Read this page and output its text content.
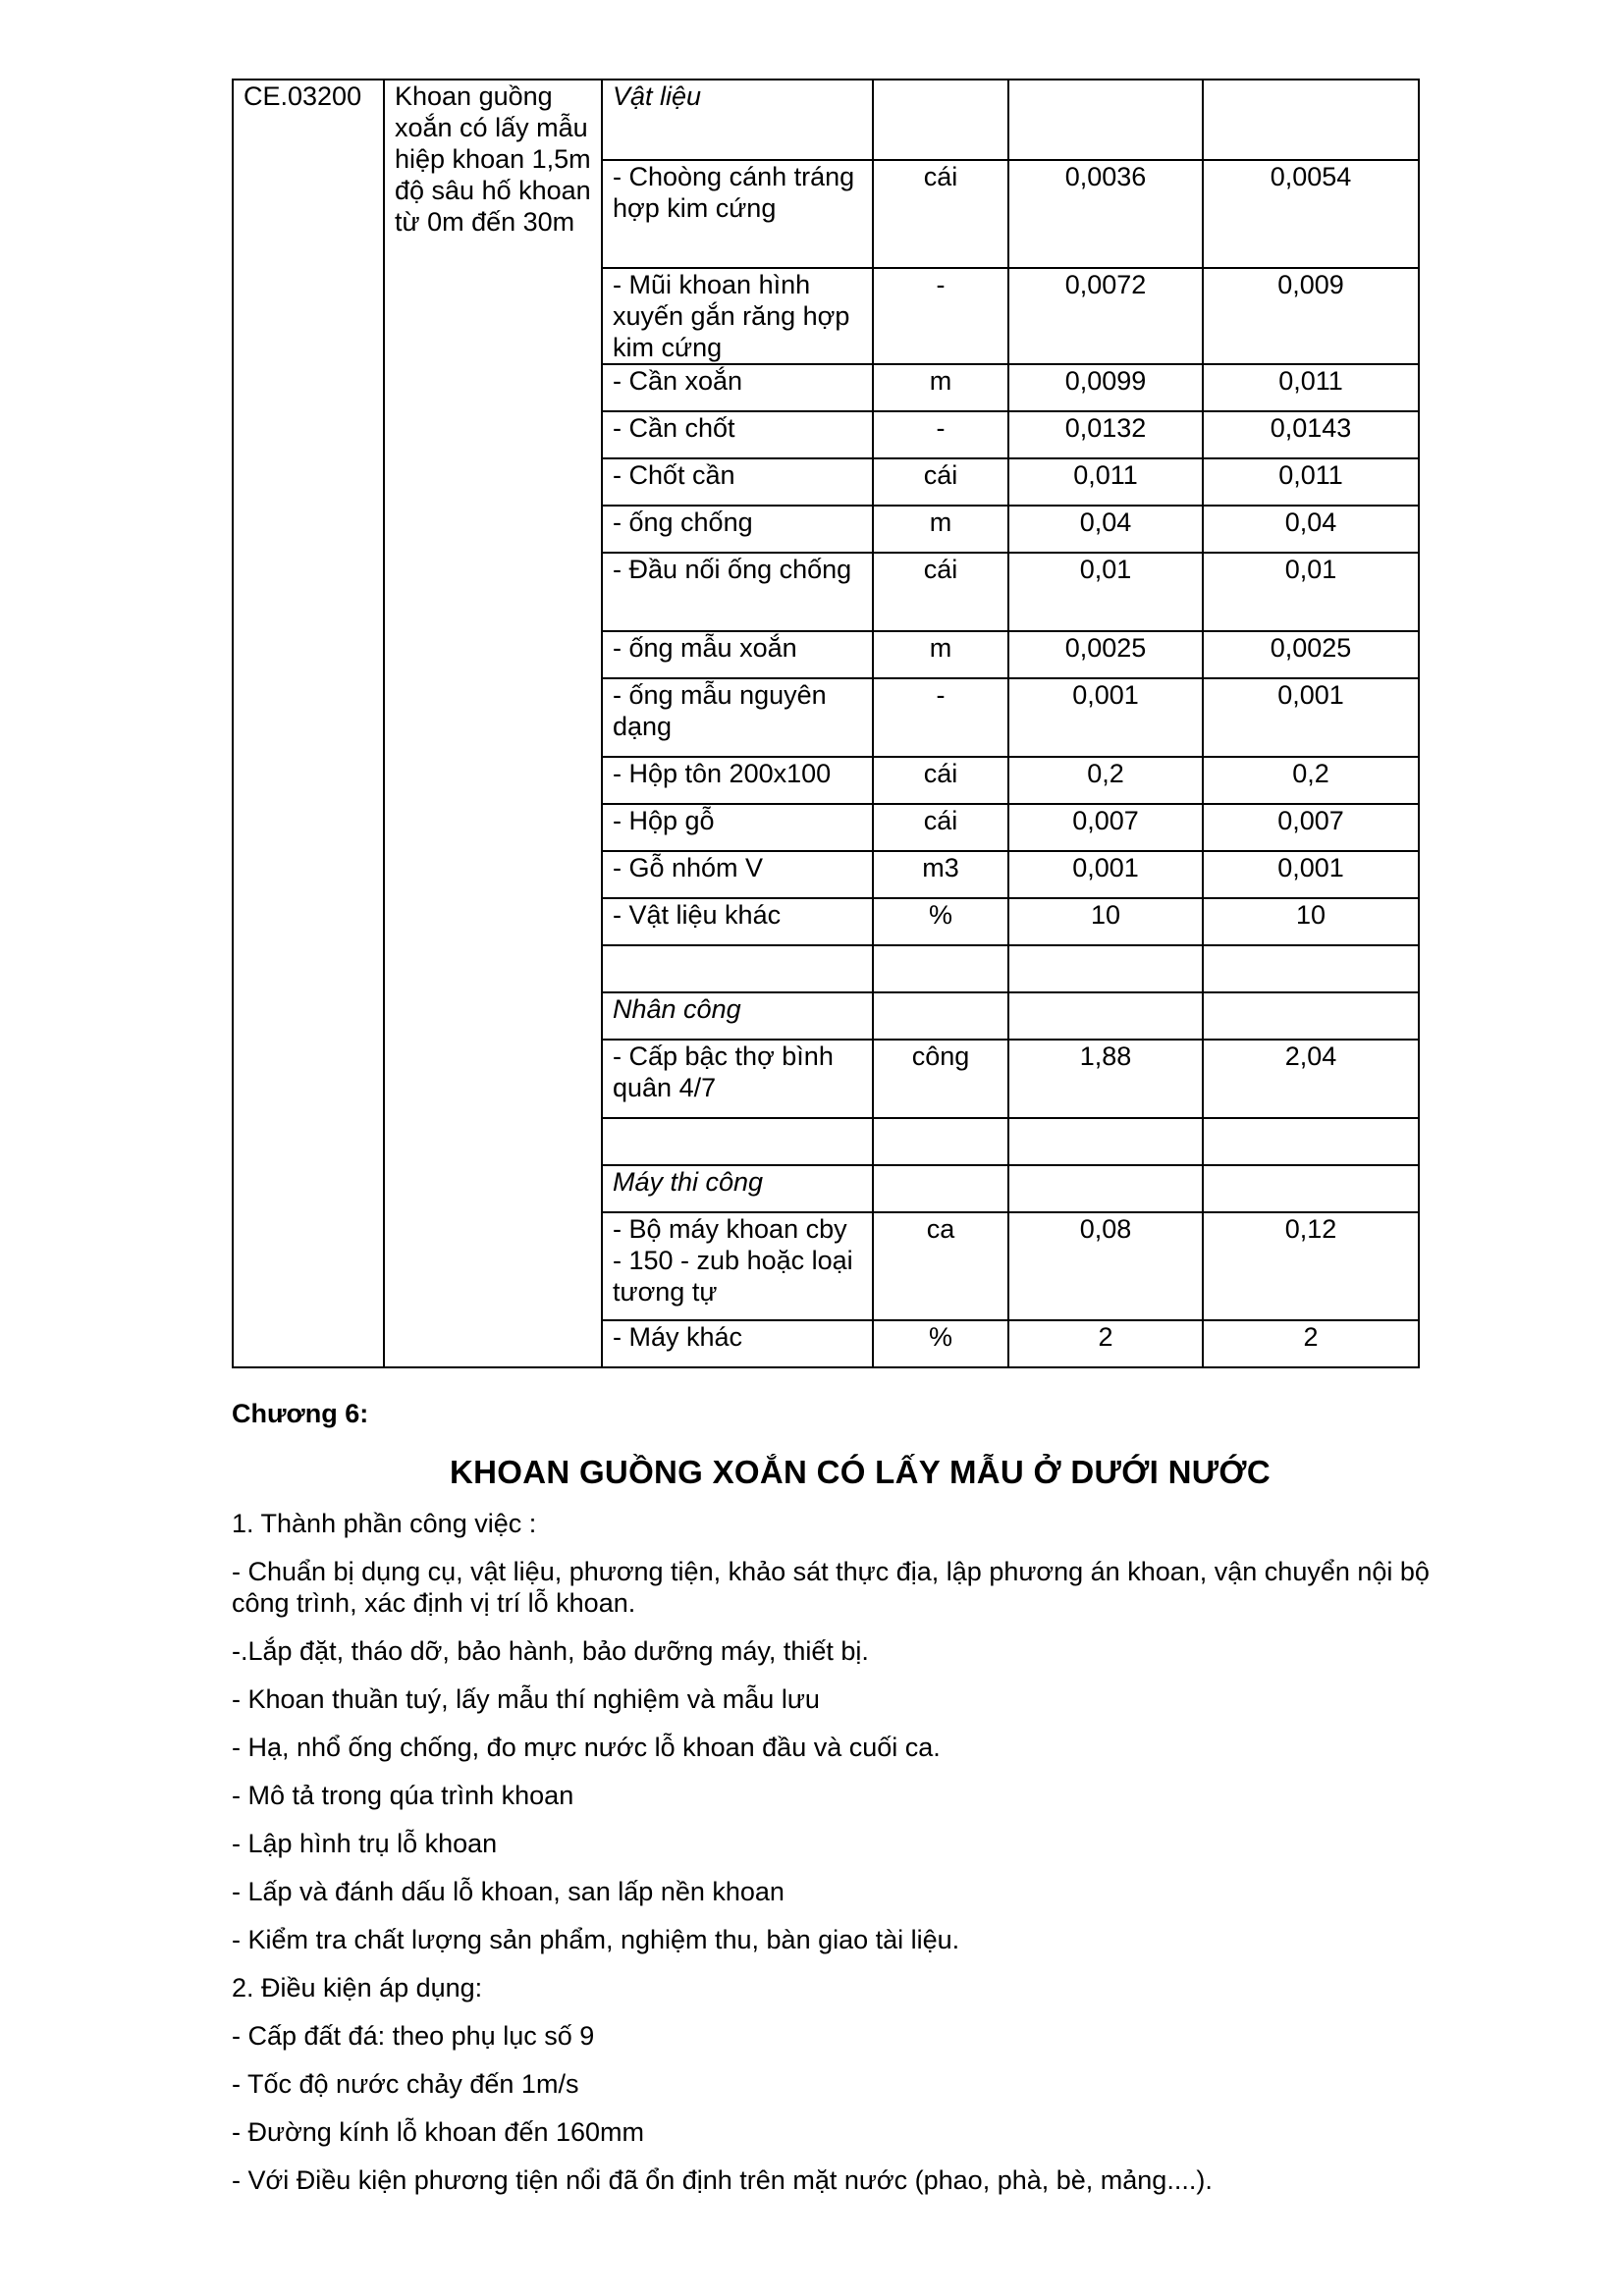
CE.03200	Khoan guồng xoắn có lấy mẫu hiệp khoan 1,5m độ sâu hố khoan từ 0m đến 30m	Vật liệu			
		- Choòng cánh tráng hợp kim cứng	cái	0,0036	0,0054
		- Mũi khoan hình xuyến gắn răng hợp kim cứng	-	0,0072	0,009
		- Cần xoắn	m	0,0099	0,011
		- Cần chốt	-	0,0132	0,0143
		- Chốt cần	cái	0,011	0,011
		- ống chống	m	0,04	0,04
		- Đầu nối ống chống	cái	0,01	0,01
		- ống mẫu xoắn	m	0,0025	0,0025
		- ống mẫu nguyên dạng	-	0,001	0,001
		- Hộp tôn 200x100	cái	0,2	0,2
		- Hộp gỗ	cái	0,007	0,007
		- Gỗ nhóm V	m3	0,001	0,001
		- Vật liệu khác	%	10	10

		Nhân công			
		- Cấp bậc thợ bình quân 4/7	công	1,88	2,04

		Máy thi công			
		- Bộ máy khoan cby - 150 - zub hoặc loại tương tự	ca	0,08	0,12
		- Máy khác	%	2	2

Chương 6:

KHOAN GUỒNG XOẮN CÓ LẤY MẪU Ở DƯỚI NƯỚC

1. Thành phần công việc :

- Chuẩn bị dụng cụ, vật liệu, phương tiện, khảo sát thực địa, lập phương án khoan, vận chuyển nội bộ công trình, xác định vị trí lỗ khoan.

-.Lắp đặt, tháo dỡ, bảo hành, bảo dưỡng máy, thiết bị.

- Khoan thuần tuý, lấy mẫu thí nghiệm và mẫu lưu

- Hạ, nhổ ống chống, đo mực nước lỗ khoan đầu và cuối ca.

- Mô tả trong qúa trình khoan

- Lập hình trụ lỗ khoan

- Lấp và đánh dấu lỗ khoan, san lấp nền khoan

- Kiểm tra chất lượng sản phẩm, nghiệm thu, bàn giao tài liệu.

2. Điều kiện áp dụng:

- Cấp đất đá: theo phụ lục số 9

- Tốc độ nước chảy đến 1m/s

- Đường kính lỗ khoan đến 160mm

- Với Điều kiện phương tiện nổi đã ổn định trên mặt nước (phao, phà, bè, mảng....).
